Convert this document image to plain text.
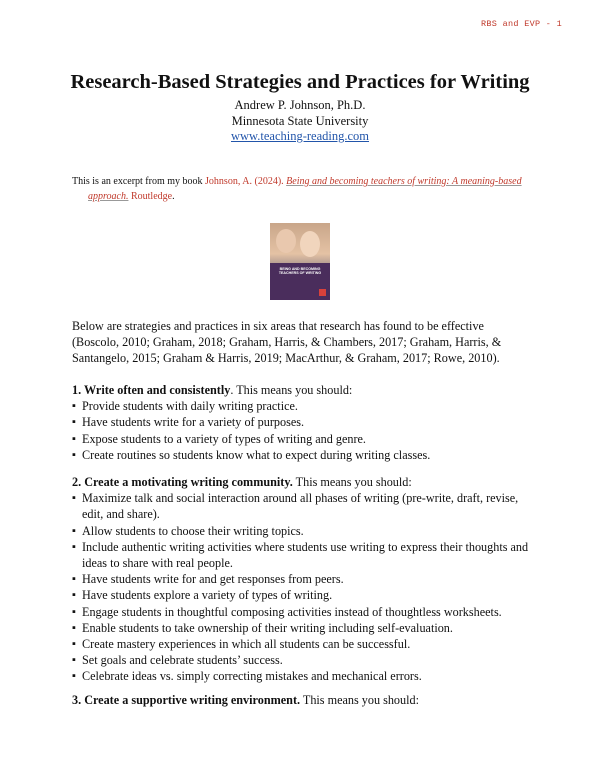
RBS and EVP - 1
Research-Based Strategies and Practices for Writing
Andrew P. Johnson, Ph.D.
Minnesota State University
www.teaching-reading.com
This is an excerpt from my book Johnson, A. (2024). Being and becoming teachers of writing: A meaning-based
approach. Routledge.
BEING AND BECOMING TEACHERS OF WRITING
Below are strategies and practices in six areas that research has found to be effective (Boscolo, 2010; Graham, 2018; Graham, Harris, & Chambers, 2017; Graham, Harris, & Santangelo, 2015; Graham & Harris, 2019; MacArthur, & Graham, 2017; Rowe, 2010).
1. Write often and consistently. This means you should:
▪ Provide students with daily writing practice.
▪ Have students write for a variety of purposes.
▪ Expose students to a variety of types of writing and genre.
▪ Create routines so students know what to expect during writing classes.
2. Create a motivating writing community. This means you should:
▪ Maximize talk and social interaction around all phases of writing (pre-write, draft, revise, edit, and share).
▪ Allow students to choose their writing topics.
▪ Include authentic writing activities where students use writing to express their thoughts and ideas to share with real people.
▪ Have students write for and get responses from peers.
▪ Have students explore a variety of types of writing.
▪ Engage students in thoughtful composing activities instead of thoughtless worksheets.
▪ Enable students to take ownership of their writing including self-evaluation.
▪ Create mastery experiences in which all students can be successful.
▪ Set goals and celebrate students’ success.
▪ Celebrate ideas vs. simply correcting mistakes and mechanical errors.
3. Create a supportive writing environment. This means you should:
